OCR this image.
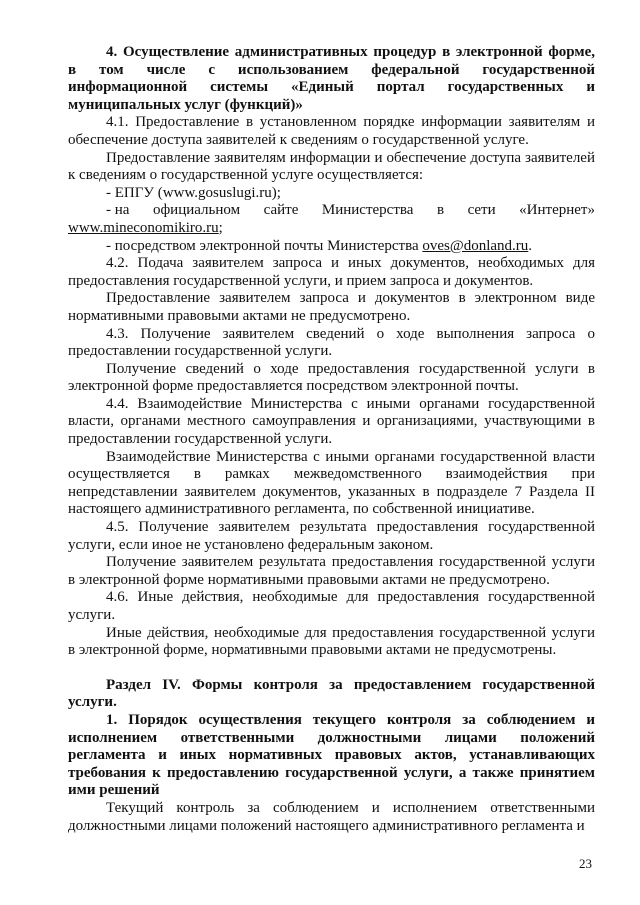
4. Осуществление административных процедур в электронной форме, в том числе с использованием федеральной государственной информационной системы «Единый портал государственных и муниципальных услуг (функций)»

4.1. Предоставление в установленном порядке информации заявителям и обеспечение доступа заявителей к сведениям о государственной услуге.

Предоставление заявителям информации и обеспечение доступа заявителей к сведениям о государственной услуге осуществляется:

- ЕПГУ (www.gosuslugi.ru);

- на официальном сайте Министерства в сети «Интернет»

www.mineconomikiro.ru;

- посредством электронной почты Министерства oves@donland.ru.

4.2. Подача заявителем запроса и иных документов, необходимых для предоставления государственной услуги, и прием запроса и документов.

Предоставление заявителем запроса и документов в электронном виде нормативными правовыми актами не предусмотрено.

4.3. Получение заявителем сведений о ходе выполнения запроса о предоставлении государственной услуги.

Получение сведений о ходе предоставления государственной услуги в электронной форме предоставляется посредством электронной почты.

4.4. Взаимодействие Министерства с иными органами государственной власти, органами местного самоуправления и организациями, участвующими в предоставлении государственной услуги.

Взаимодействие Министерства с иными органами государственной власти осуществляется в рамках межведомственного взаимодействия при непредставлении заявителем документов, указанных в подразделе 7 Раздела II настоящего административного регламента, по собственной инициативе.

4.5. Получение заявителем результата предоставления государственной услуги, если иное не установлено федеральным законом.

Получение заявителем результата предоставления государственной услуги в электронной форме нормативными правовыми актами не предусмотрено.

4.6. Иные действия, необходимые для предоставления государственной услуги.

Иные действия, необходимые для предоставления государственной услуги в электронной форме, нормативными правовыми актами не предусмотрены.

Раздел IV. Формы контроля за предоставлением государственной услуги.

1. Порядок осуществления текущего контроля за соблюдением и исполнением ответственными должностными лицами положений регламента и иных нормативных правовых актов, устанавливающих требования к предоставлению государственной услуги, а также принятием ими решений

Текущий контроль за соблюдением и исполнением ответственными должностными лицами положений настоящего административного регламента и

23
